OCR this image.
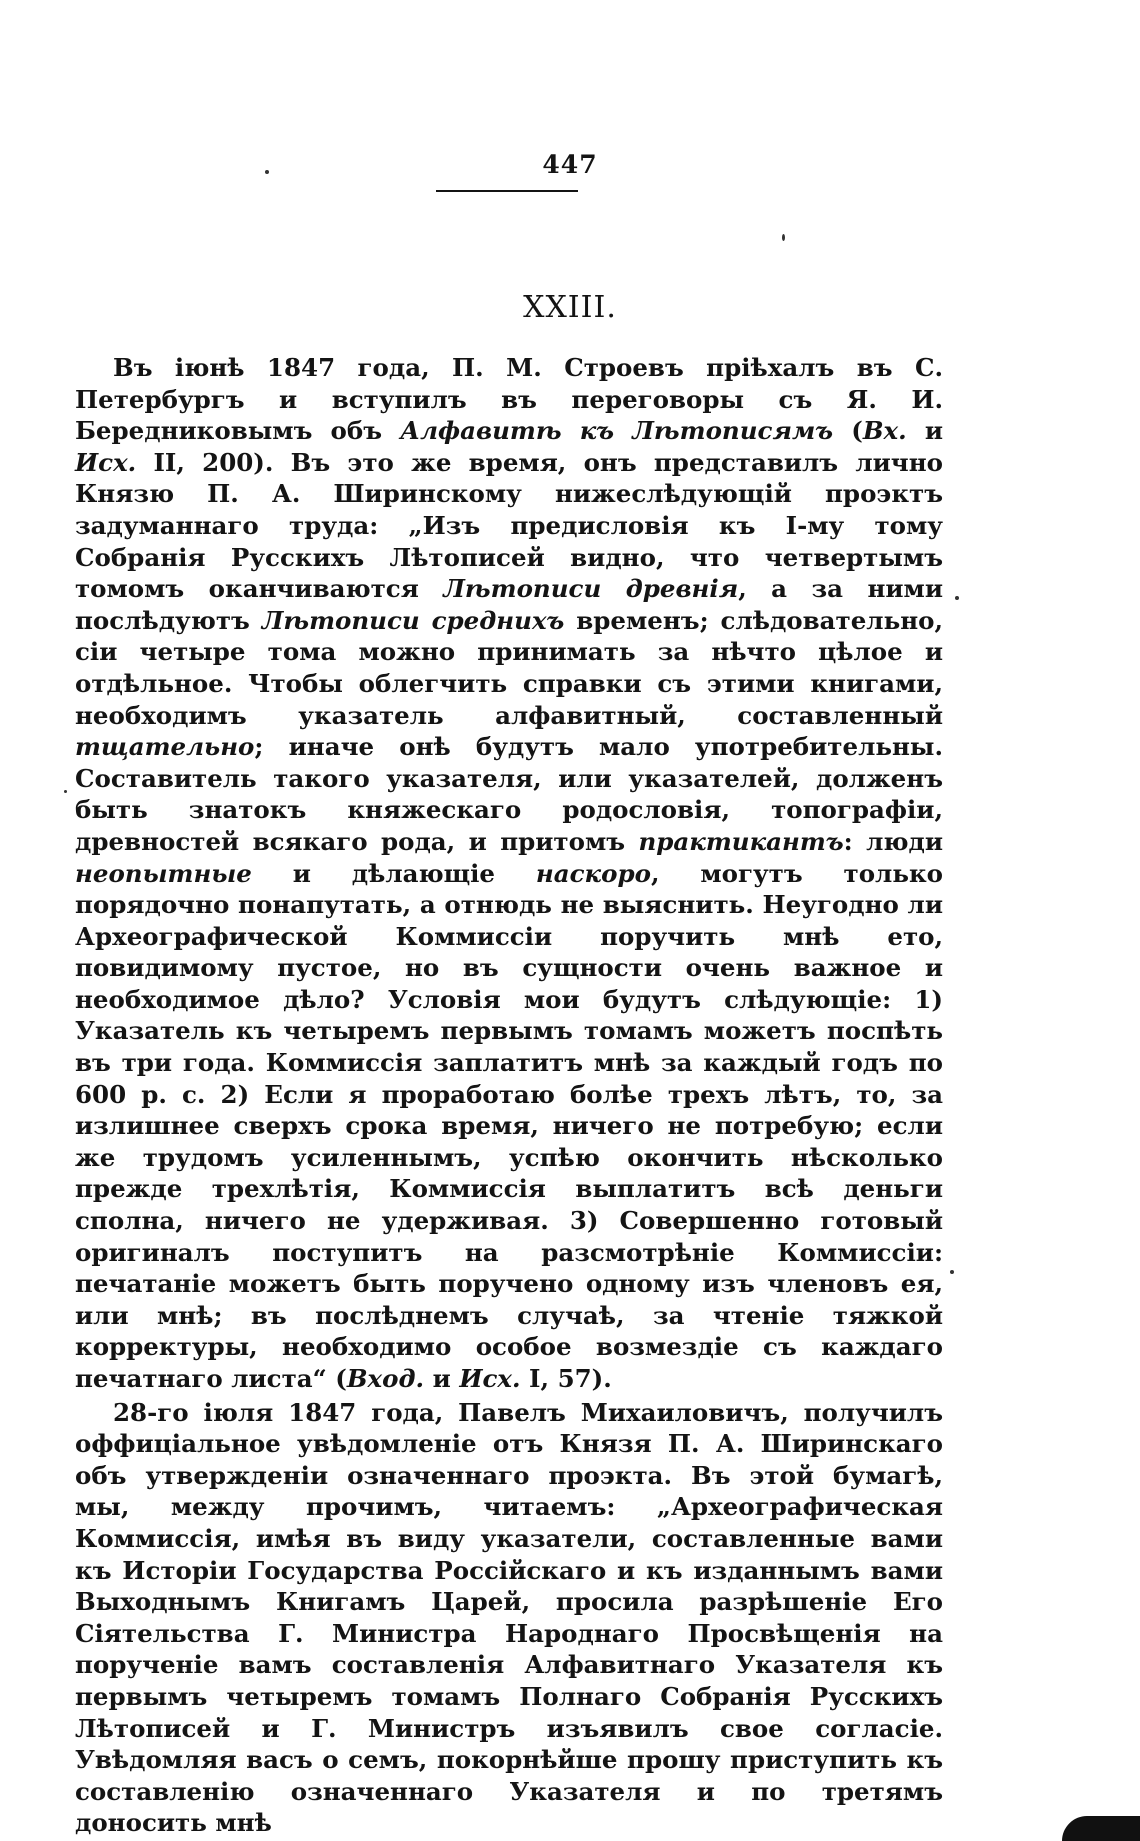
447
XXIII.

Въ іюнѣ 1847 года, П. М. Строевъ пріѣхалъ въ С. Петербургъ и вступилъ въ переговоры съ Я. И. Бередниковымъ объ Алфавитѣ къ Лѣтописямъ (Вх. и Исх. II, 200). Въ это же время, онъ представилъ лично Князю П. А. Ширинскому нижеслѣдующій проэктъ задуманнаго труда: „Изъ предисловія къ I-му тому Собранія Русскихъ Лѣтописей видно, что четвертымъ томомъ оканчиваются Лѣтописи древнія, а за ними послѣдуютъ Лѣтописи среднихъ временъ; слѣдовательно, сіи четыре тома можно принимать за нѣчто цѣлое и отдѣльное. Чтобы облегчить справки съ этими книгами, необходимъ указатель алфавитный, составленный тщательно; иначе онѣ будутъ мало употребительны. Составитель такого указателя, или указателей, долженъ быть знатокъ княжескаго родословія, топографіи, древностей всякаго рода, и притомъ практикантъ: люди неопытные и дѣлающіе наскоро, могутъ только порядочно понапутать, а отнюдь не выяснить. Неугодно ли Археографической Коммиссіи поручить мнѣ ето, повидимому пустое, но въ сущности очень важное и необходимое дѣло? Условія мои будутъ слѣдующіе: 1) Указатель къ четыремъ первымъ томамъ можетъ поспѣть въ три года. Коммиссія заплатитъ мнѣ за каждый годъ по 600 р. с. 2) Если я проработаю болѣе трехъ лѣтъ, то, за излишнее сверхъ срока время, ничего не потребую; если же трудомъ усиленнымъ, успѣю окончить нѣсколько прежде трехлѣтія, Коммиссія выплатитъ всѣ деньги сполна, ничего не удерживая. 3) Совершенно готовый оригиналъ поступитъ на разсмотрѣніе Коммиссіи: печатаніе можетъ быть поручено одному изъ членовъ ея, или мнѣ; въ послѣднемъ случаѣ, за чтеніе тяжкой корректуры, необходимо особое возмездіе съ каждаго печатнаго листа“ (Вход. и Исх. I, 57).

28-го іюля 1847 года, Павелъ Михаиловичъ, получилъ оффиціальное увѣдомленіе отъ Князя П. А. Ширинскаго объ утвержденіи означеннаго проэкта. Въ этой бумагѣ, мы, между прочимъ, читаемъ: „Археографическая Коммиссія, имѣя въ виду указатели, составленные вами къ Исторіи Государства Россійскаго и къ изданнымъ вами Выходнымъ Книгамъ Царей, просила разрѣшеніе Его Сіятельства Г. Министра Народнаго Просвѣщенія на порученіе вамъ составленія Алфавитнаго Указателя къ первымъ четыремъ томамъ Полнаго Собранія Русскихъ Лѣтописей и Г. Министръ изъявилъ свое согласіе. Увѣдомляя васъ о семъ, покорнѣйше прошу приступить къ составленію означеннаго Указателя и по третямъ доносить мнѣ
